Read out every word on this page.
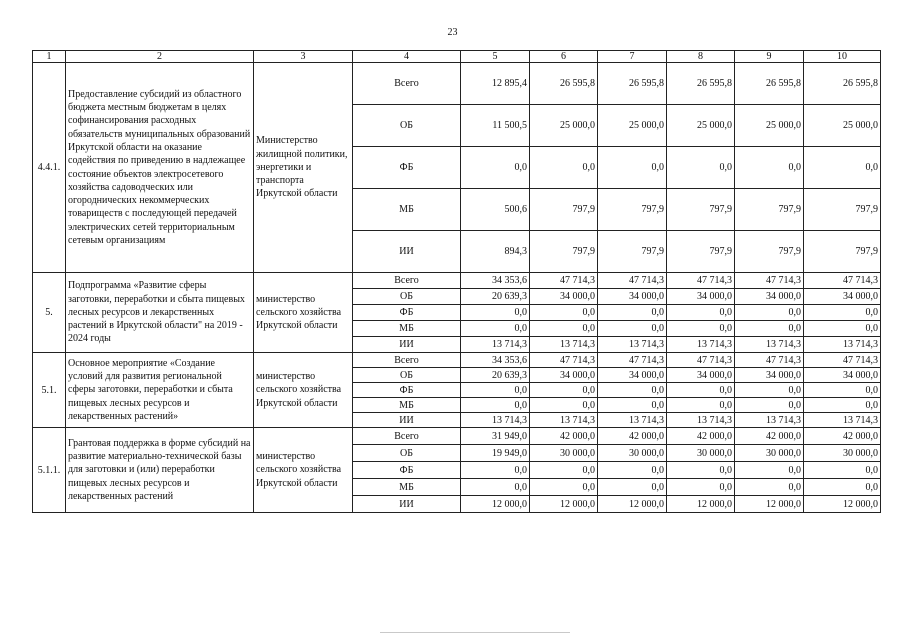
23
1	2	3	4	5	6	7	8	9	10
4.4.1.	Предоставление субсидий из областного бюджета местным бюджетам в целях софинансирования расходных обязательств муниципальных образований Иркутской области на оказание содействия по приведению в надлежащее состояние объектов электросетевого хозяйства садоводческих или огороднических некоммерческих товариществ с последующей передачей электрических сетей территориальным сетевым организациям	Министерство жилищной политики, энергетики и транспорта Иркутской области	Всего	12 895,4	26 595,8	26 595,8	26 595,8	26 595,8	26 595,8
			ОБ	11 500,5	25 000,0	25 000,0	25 000,0	25 000,0	25 000,0
			ФБ	0,0	0,0	0,0	0,0	0,0	0,0
			МБ	500,6	797,9	797,9	797,9	797,9	797,9
			ИИ	894,3	797,9	797,9	797,9	797,9	797,9
5.	Подпрограмма «Развитие сферы заготовки, переработки и сбыта пищевых лесных ресурсов и лекарственных растений в Иркутской области" на 2019 - 2024 годы	министерство сельского хозяйства Иркутской области	Всего	34 353,6	47 714,3	47 714,3	47 714,3	47 714,3	47 714,3
			ОБ	20 639,3	34 000,0	34 000,0	34 000,0	34 000,0	34 000,0
			ФБ	0,0	0,0	0,0	0,0	0,0	0,0
			МБ	0,0	0,0	0,0	0,0	0,0	0,0
			ИИ	13 714,3	13 714,3	13 714,3	13 714,3	13 714,3	13 714,3
5.1.	Основное мероприятие «Создание условий для развития региональной сферы заготовки, переработки и сбыта пищевых лесных ресурсов и лекарственных растений»	министерство сельского хозяйства Иркутской области	Всего	34 353,6	47 714,3	47 714,3	47 714,3	47 714,3	47 714,3
			ОБ	20 639,3	34 000,0	34 000,0	34 000,0	34 000,0	34 000,0
			ФБ	0,0	0,0	0,0	0,0	0,0	0,0
			МБ	0,0	0,0	0,0	0,0	0,0	0,0
			ИИ	13 714,3	13 714,3	13 714,3	13 714,3	13 714,3	13 714,3
5.1.1.	Грантовая поддержка в форме субсидий на развитие материально-технической базы для заготовки и (или) переработки пищевых лесных ресурсов и лекарственных растений	министерство сельского хозяйства Иркутской области	Всего	31 949,0	42 000,0	42 000,0	42 000,0	42 000,0	42 000,0
			ОБ	19 949,0	30 000,0	30 000,0	30 000,0	30 000,0	30 000,0
			ФБ	0,0	0,0	0,0	0,0	0,0	0,0
			МБ	0,0	0,0	0,0	0,0	0,0	0,0
			ИИ	12 000,0	12 000,0	12 000,0	12 000,0	12 000,0	12 000,0
